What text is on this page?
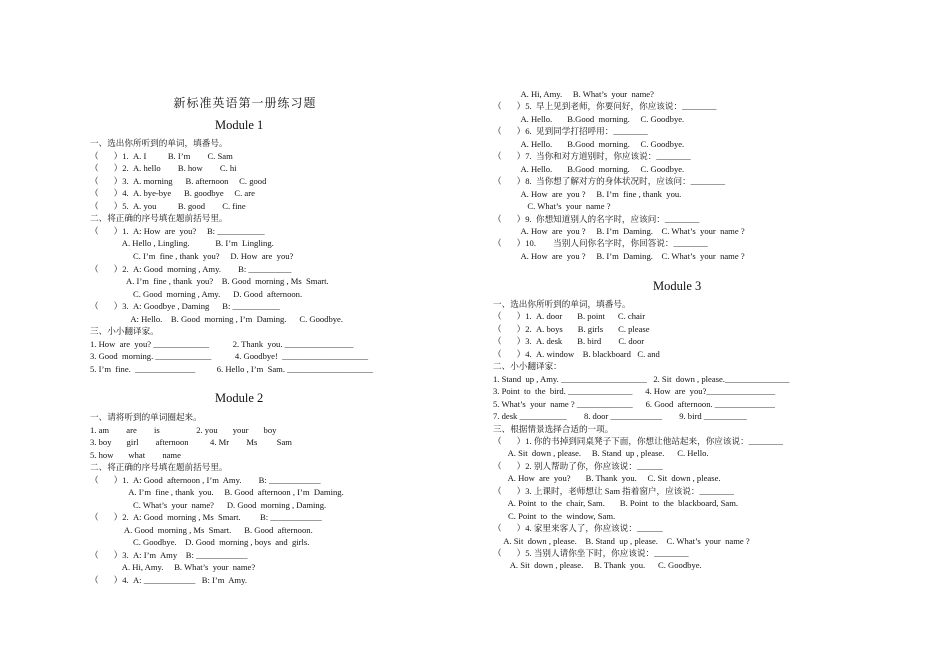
新标准英语第一册练习题
Module 1
一、选出你所听到的单词，填番号。
（       ）1.  A. I          B. I’m        C. Sam
（       ）2.  A. hello        B. how        C. hi
（       ）3.  A. morning      B. afternoon     C. good
（       ）4.  A. bye-bye      B. goodbye     C. are
（       ）5.  A. you          B. good        C. fine
二、将正确的序号填在题前括号里。
（       ）1.  A: How  are  you?     B: ___________
A. Hello , Lingling.            B. I’m  Lingling.
C. I’m  fine , thank  you?     D. How  are  you?
（       ）2.  A: Good  morning , Amy.        B: __________
A. I’m  fine , thank  you?    B. Good  morning , Ms  Smart.
C. Good  morning , Amy.      D. Good  afternoon.
（       ）3.  A: Goodbye , Daming      B: ___________
A: Hello.    B. Good  morning , I’m  Daming.      C. Goodbye.
三、小小翻译家。
1. How  are  you? _____________           2. Thank  you. ________________
3. Good  morning. _____________           4. Goodbye!  ____________________
5. I’m  fine.  ______________          6. Hello , I’m  Sam. ____________________
Module 2
一、请将听到的单词圈起来。
1. am        are        is                 2. you       your       boy
3. boy       girl        afternoon          4. Mr        Ms         Sam
5. how       what        name
二、将正确的序号填在题前括号里。
（       ）1.  A: Good  afternoon , I’m  Amy.        B: ____________
A. I’m  fine , thank  you.     B. Good  afternoon , I’m  Daming.
C. What’s  your  name?      D. Good  morning , Daming.
（       ）2.  A: Good  morning , Ms  Smart.         B: ____________
A. Good  morning , Ms  Smart.      B. Good  afternoon.
C. Goodbye.    D. Good  morning , boys  and  girls.
（       ）3.  A: I’m  Amy    B: ____________
A. Hi, Amy.     B. What’s  your  name?
（       ）4.  A: ____________   B: I’m  Amy.
A. Hi, Amy.     B. What’s  your  name?
（       ）5.  早上见到老师，你要问好，你应该说：________
A. Hello.       B.Good  morning.     C. Goodbye.
（       ）6.  见到同学打招呼用：________
A. Hello.       B.Good  morning.     C. Goodbye.
（       ）7.  当你和对方道别时，你应该说：________
A. Hello.       B.Good  morning.     C. Goodbye.
（       ）8.  当你想了解对方的身体状况时，应该问：________
A. How  are  you ?     B. I’m  fine , thank  you.
C. What’s  your  name ?
（       ）9.  你想知道别人的名字时，应该问：________
A. How  are  you ?     B. I’m  Daming.    C. What’s  your  name ?
（       ）10.        当别人问你名字时，你回答说：________
A. How  are  you ?     B. I’m  Daming.    C. What’s  your  name ?
Module 3
一、选出你所听到的单词，填番号。
（       ）1.  A. door       B. point      C. chair
（       ）2.  A. boys       B. girls       C. please
（       ）3.  A. desk       B. bird        C. door
（       ）4.  A. window    B. blackboard   C. and
二、小小翻译家：
1. Stand  up , Amy. ____________________   2. Sit  down , please._______________
3. Point  to  the  bird. _______________      4. How  are  you?________________
5. What’s  your  name ? _____________      6. Good  afternoon. ______________
7. desk ___________        8. door ____________        9. bird __________
三、根据情景选择合适的一项。
（       ）1. 你的书掉到同桌凳子下面，你想让他站起来，你应该说：________
A. Sit  down , please.     B. Stand  up , please.      C. Hello.
（       ）2. 别人帮助了你，你应该说：______
A. How  are  you?       B. Thank  you.     C. Sit  down , please.
（       ）3. 上课时，老师想让 Sam 指着窗户，应该说：________
A. Point  to  the  chair, Sam.       B. Point  to  the  blackboard, Sam.
C. Point  to  the  window, Sam.
（       ）4. 家里来客人了，你应该说：______
A. Sit  down , please.    B. Stand  up , please.    C. What’s  your  name ?
（       ）5. 当别人请你坐下时，你应该说：________
A. Sit  down , please.     B. Thank  you.      C. Goodbye.
